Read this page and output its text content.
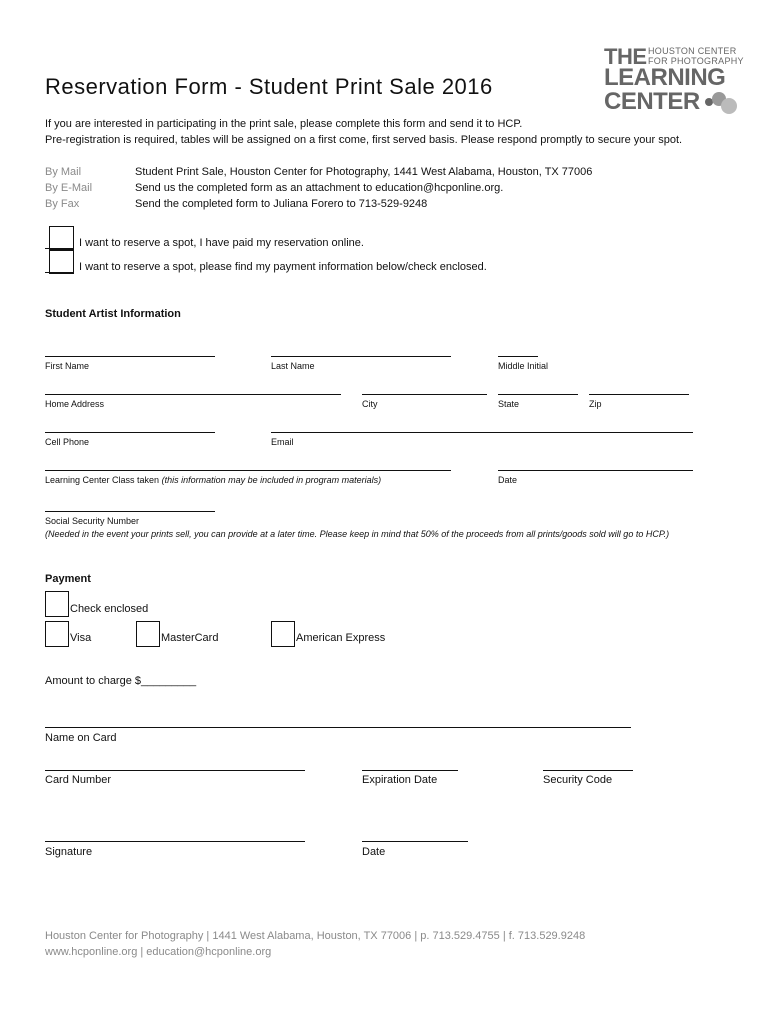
Reservation Form - Student Print Sale 2016
THE HOUSTON CENTER
FOR PHOTOGRAPHY
LEARNING
CENTER
If you are interested in participating in the print sale, please complete this form and send it to HCP.
Pre-registration is required, tables will be assigned on a first come, first served basis. Please respond promptly to secure your spot.
By Mail	Student Print Sale, Houston Center for Photography, 1441 West Alabama, Houston, TX 77006
By E-Mail	Send us the completed form as an attachment to education@hcponline.org.
By Fax	Send the completed form to Juliana Forero to 713-529-9248
I want to reserve a spot, I have paid my reservation online.
I want to reserve a spot, please find my payment information below/check enclosed.
Student Artist Information
First Name	Last Name	Middle Initial
Home Address	City	State	Zip
Cell Phone	Email
Learning Center Class taken (this information may be included in program materials)	Date
Social Security Number
(Needed in the event your prints sell, you can provide at a later time. Please keep in mind that 50% of the proceeds from all prints/goods sold will go to HCP.)
Payment
Check enclosed
Visa	MasterCard	American Express
Amount to charge $_________
Name on Card
Card Number	Expiration Date	Security Code
Signature	Date
Houston Center for Photography | 1441 West Alabama, Houston, TX 77006 | p. 713.529.4755 | f. 713.529.9248
www.hcponline.org | education@hcponline.org
